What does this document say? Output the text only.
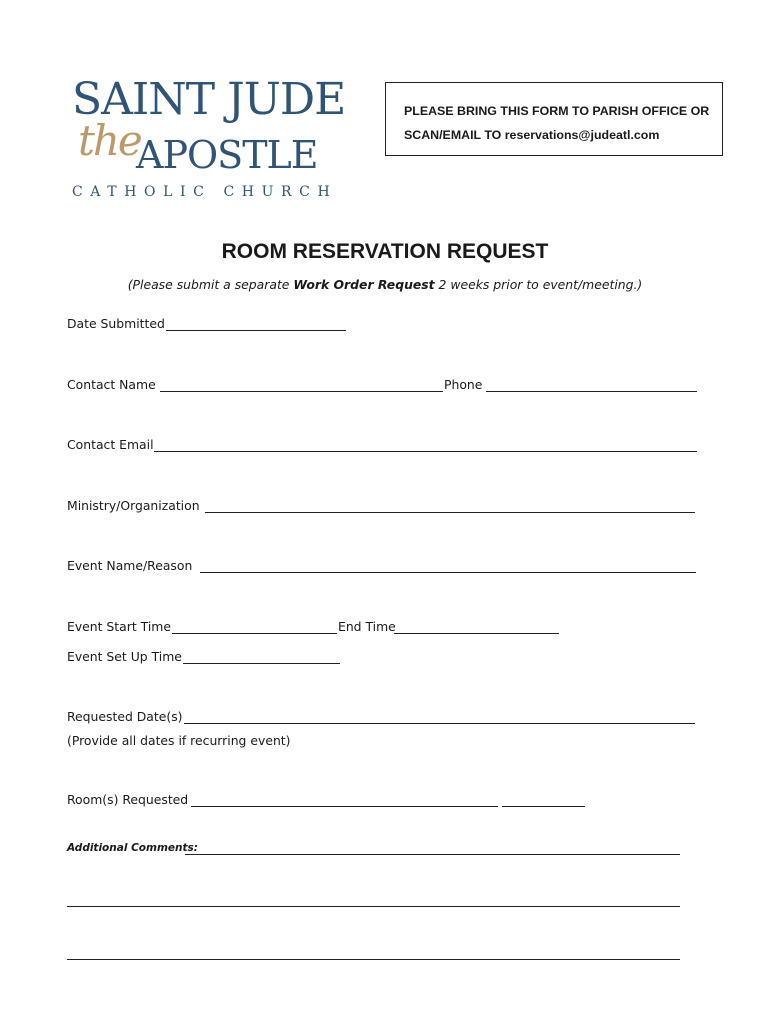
SAINT JUDE
the
APOSTLE
CATHOLIC CHURCH
PLEASE BRING THIS FORM TO PARISH OFFICE OR
SCAN/EMAIL TO reservations@judeatl.com
ROOM RESERVATION REQUEST
(Please submit a separate Work Order Request 2 weeks prior to event/meeting.)
Date Submitted
Contact Name	Phone
Contact Email
Ministry/Organization
Event Name/Reason
Event Start Time	End Time
Event Set Up Time
Requested Date(s)
(Provide all dates if recurring event)
Room(s) Requested
Additional Comments:
